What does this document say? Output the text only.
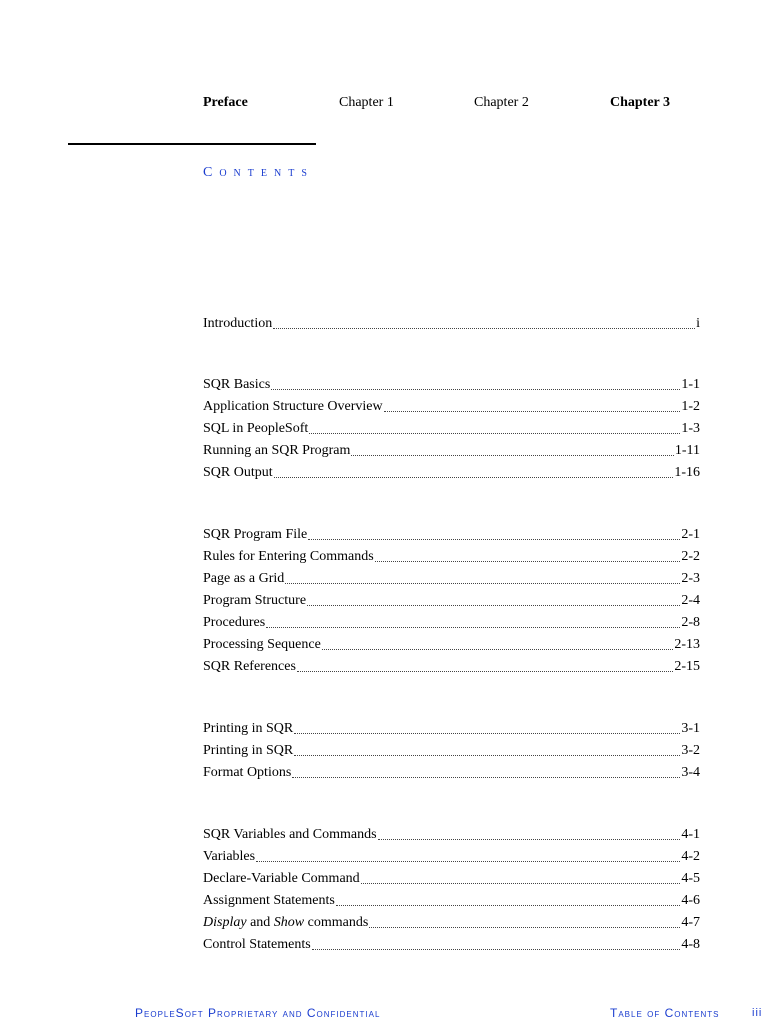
Preface	Chapter 1	Chapter 2	Chapter 3
Contents
Introduction	i
SQR Basics	1-1
Application Structure Overview	1-2
SQL in PeopleSoft	1-3
Running an SQR Program	1-11
SQR Output	1-16
SQR Program File	2-1
Rules for Entering Commands	2-2
Page as a Grid	2-3
Program Structure	2-4
Procedures	2-8
Processing Sequence	2-13
SQR References	2-15
Printing in SQR	3-1
Printing in SQR	3-2
Format Options	3-4
SQR Variables and Commands	4-1
Variables	4-2
Declare-Variable Command	4-5
Assignment Statements	4-6
Display and Show commands	4-7
Control Statements	4-8
PeopleSoft Proprietary and Confidential	Table of Contents	iii
